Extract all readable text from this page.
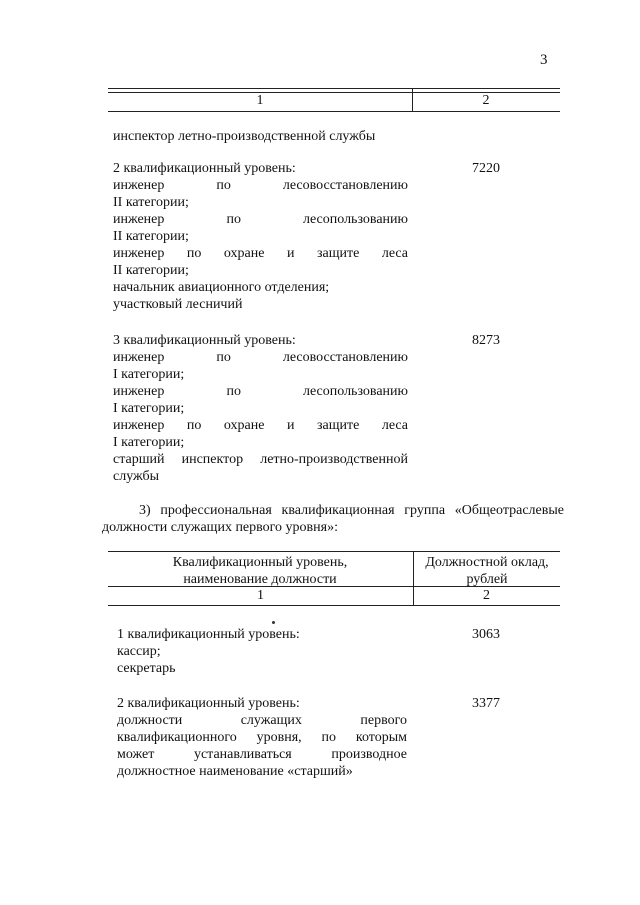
3
1	2
инспектор летно-производственной службы
2 квалификационный уровень:	7220
инженер	по	лесовосстановлению
II категории;
инженер	по	лесопользованию
II категории;
инженер по охране и защите леса
II категории;
начальник авиационного отделения;
участковый лесничий
3 квалификационный уровень:	8273
инженер	по	лесовосстановлению
I категории;
инженер	по	лесопользованию
I категории;
инженер по охране и защите леса
I категории;
старший инспектор летно-производственной
службы
3) профессиональная квалификационная группа «Общеотраслевые должности служащих первого уровня»:
Квалификационный уровень, наименование должности
Должностной оклад, рублей
1	2
1 квалификационный уровень:	3063
кассир;
секретарь
2 квалификационный уровень:	3377
должности	служащих	первого
квалификационного уровня, по которым
может	устанавливаться	производное
должностное наименование «старший»
